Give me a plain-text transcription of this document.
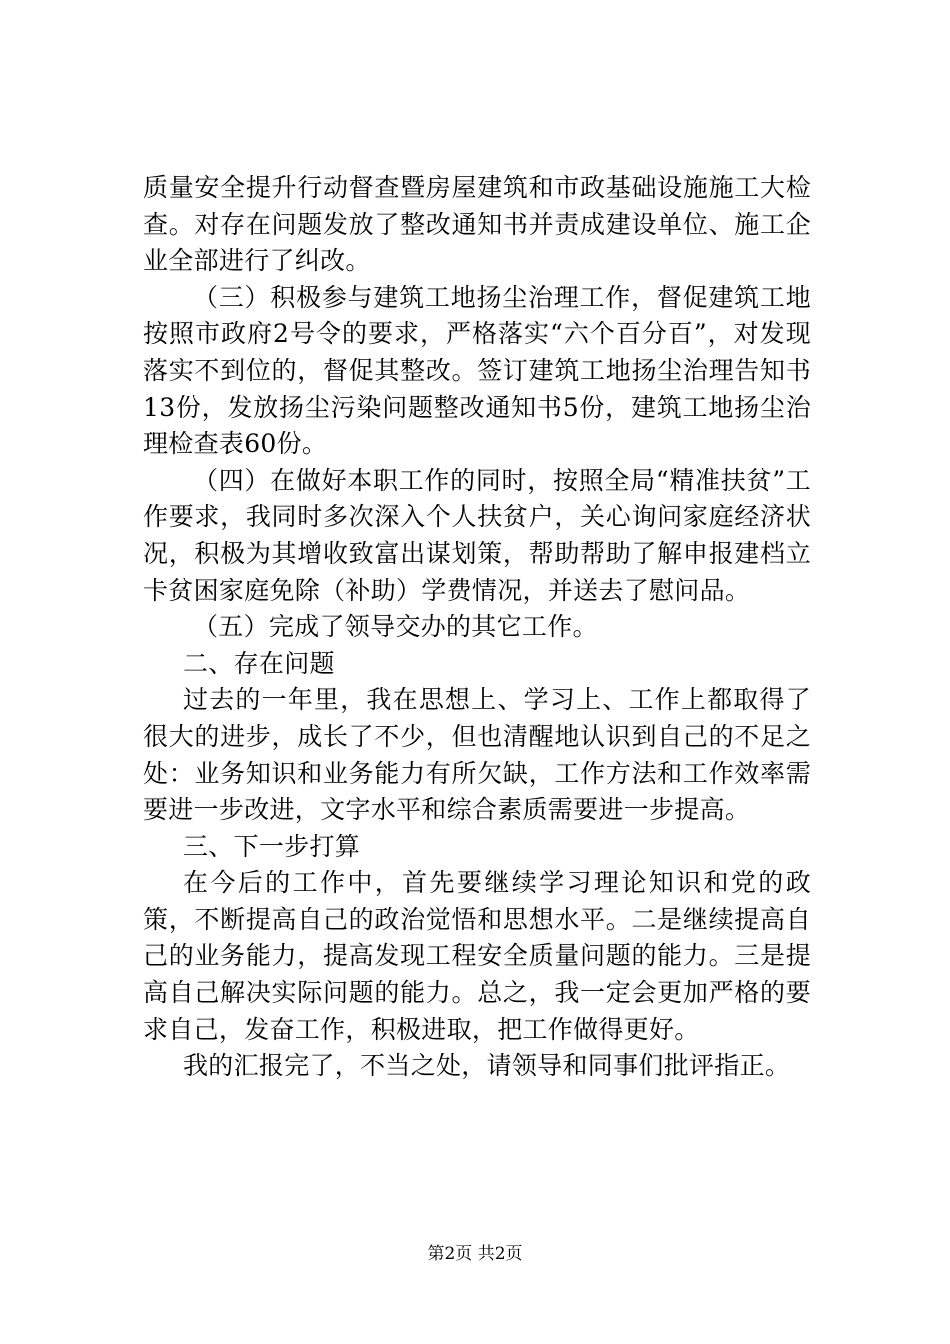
质量安全提升行动督查暨房屋建筑和市政基础设施施工大检查。对存在问题发放了整改通知书并责成建设单位、施工企业全部进行了纠改。

（三）积极参与建筑工地扬尘治理工作，督促建筑工地按照市政府2号令的要求，严格落实“六个百分百”，对发现落实不到位的，督促其整改。签订建筑工地扬尘治理告知书13份，发放扬尘污染问题整改通知书5份，建筑工地扬尘治理检查表60份。

（四）在做好本职工作的同时，按照全局“精准扶贫”工作要求，我同时多次深入个人扶贫户，关心询问家庭经济状况，积极为其增收致富出谋划策，帮助帮助了解申报建档立卡贫困家庭免除（补助）学费情况，并送去了慰问品。

（五）完成了领导交办的其它工作。

二、存在问题

过去的一年里，我在思想上、学习上、工作上都取得了很大的进步，成长了不少，但也清醒地认识到自己的不足之处：业务知识和业务能力有所欠缺，工作方法和工作效率需要进一步改进，文字水平和综合素质需要进一步提高。

三、下一步打算

在今后的工作中，首先要继续学习理论知识和党的政策，不断提高自己的政治觉悟和思想水平。二是继续提高自己的业务能力，提高发现工程安全质量问题的能力。三是提高自己解决实际问题的能力。总之，我一定会更加严格的要求自己，发奋工作，积极进取，把工作做得更好。

我的汇报完了，不当之处，请领导和同事们批评指正。

第2页 共2页
